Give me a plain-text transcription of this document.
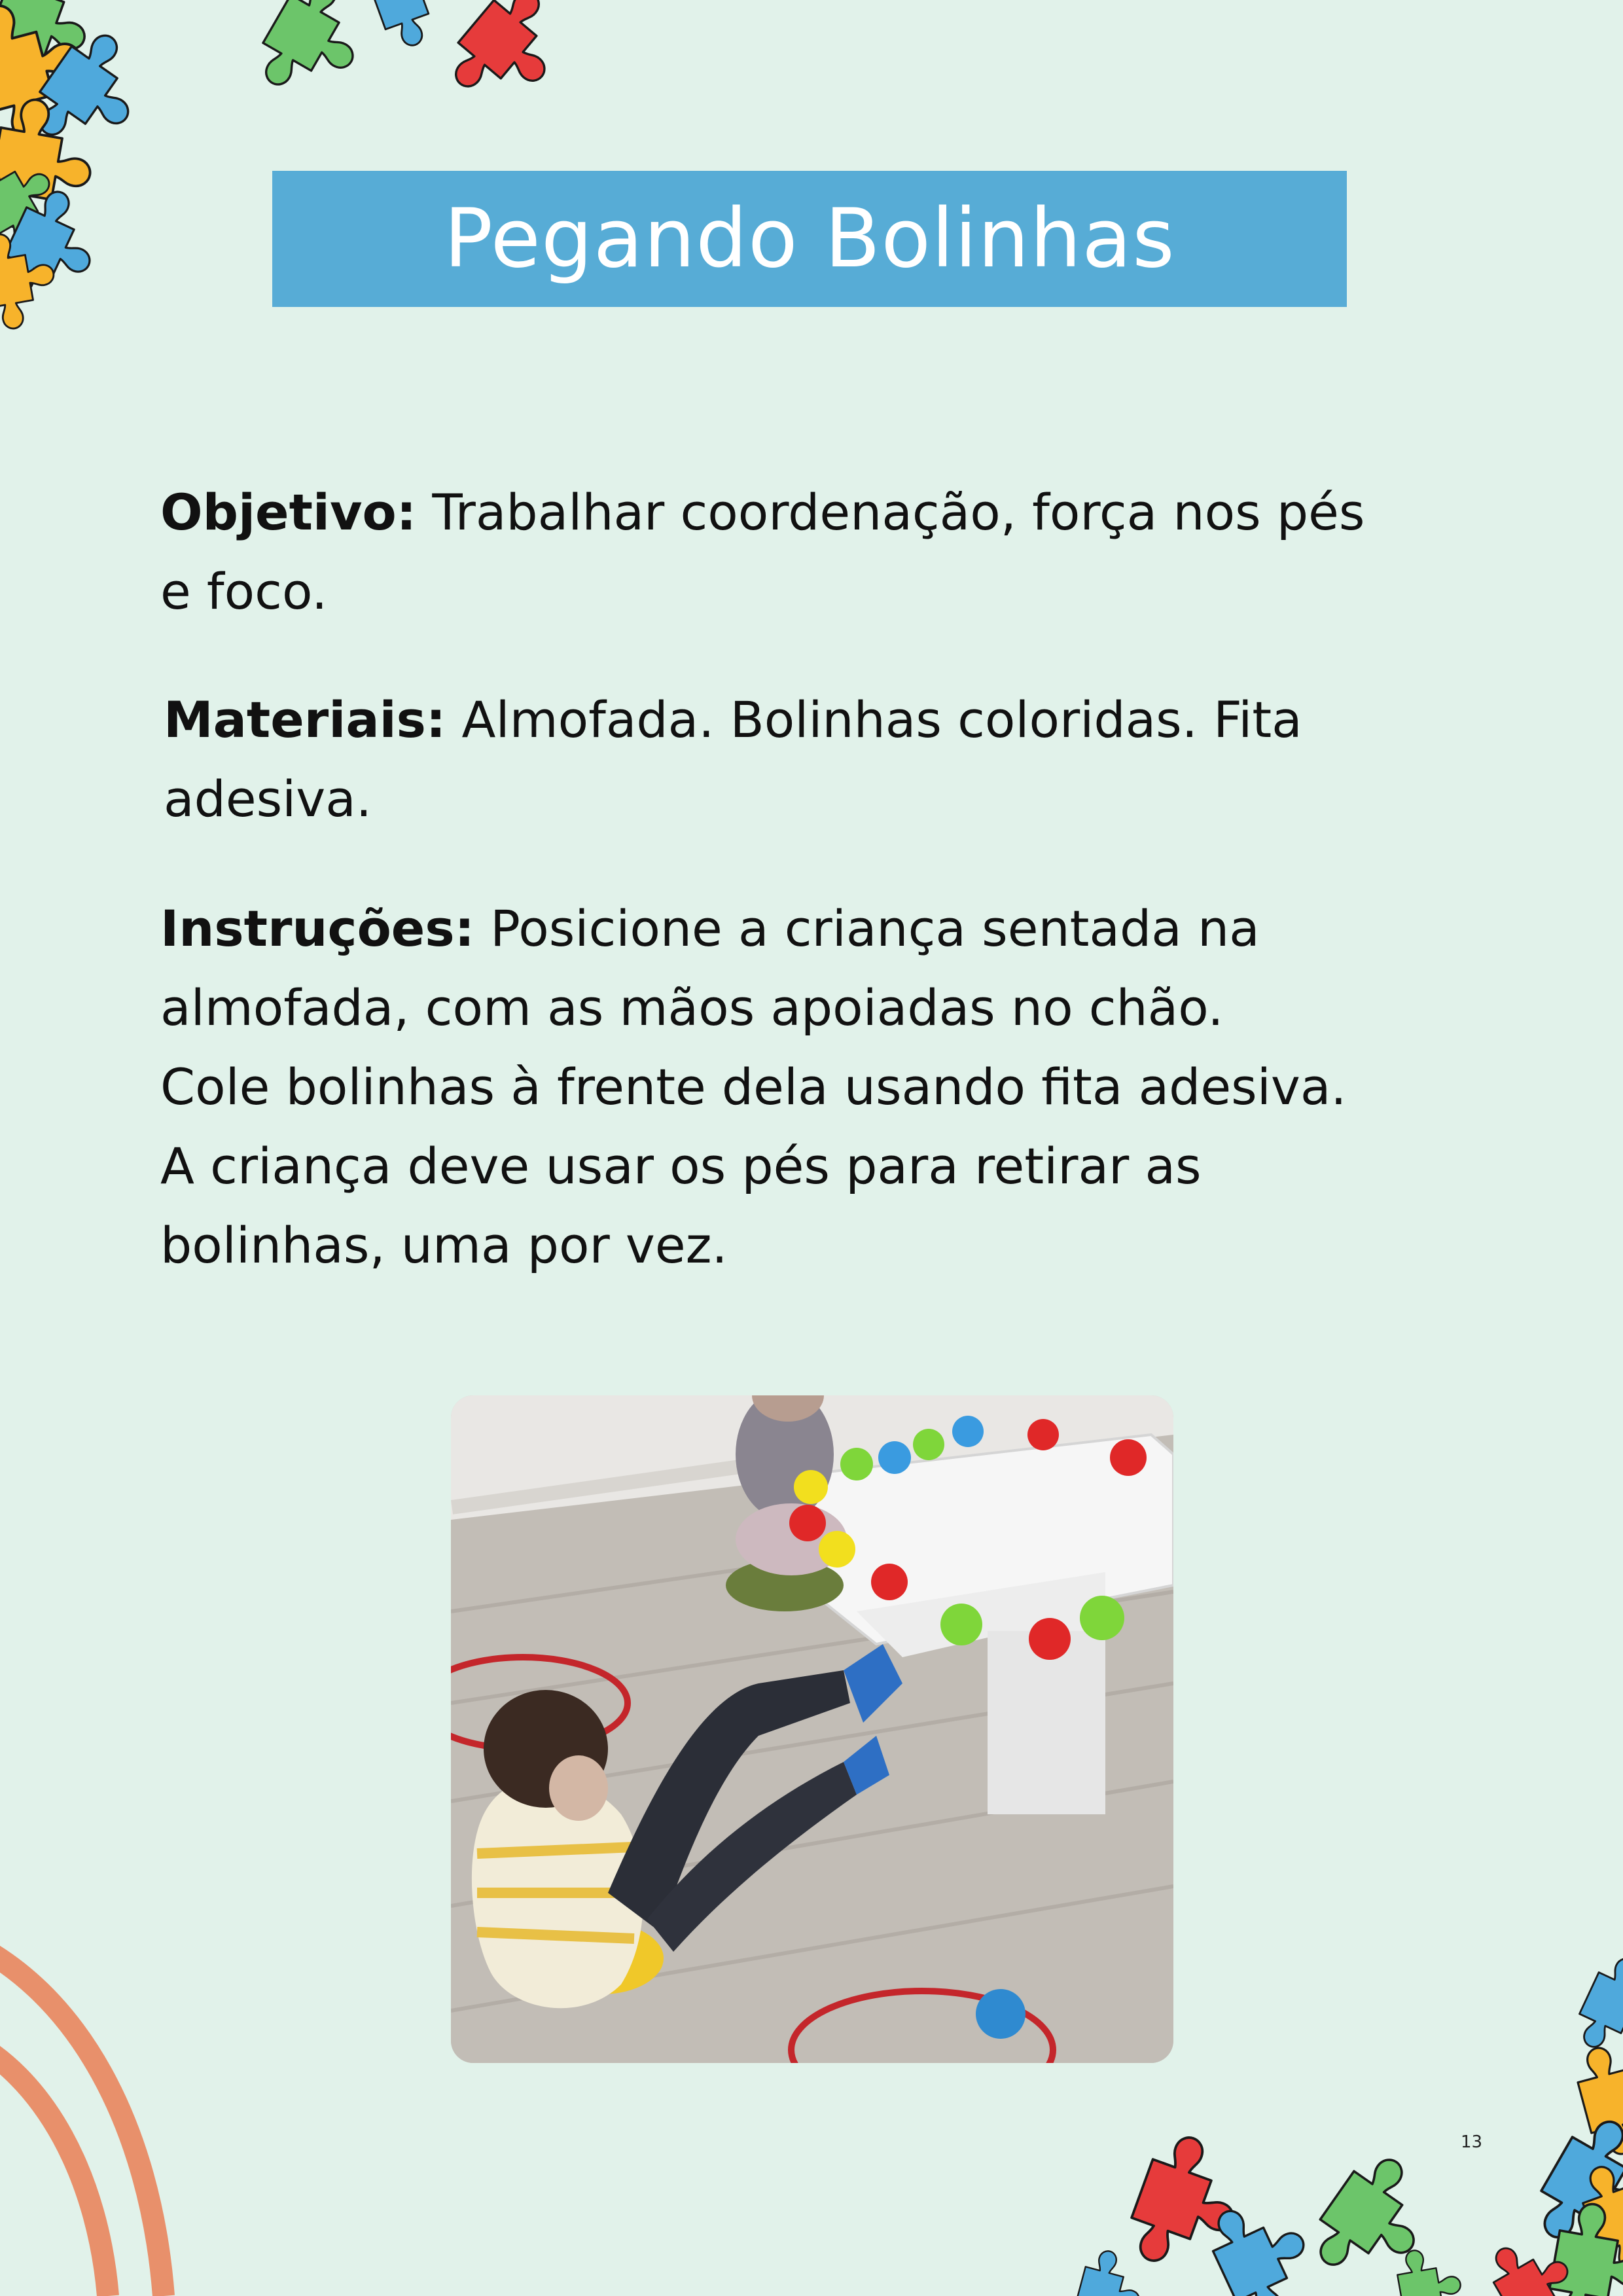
Pegando Bolinhas
Objetivo: Trabalhar coordenação, força nos pés
e foco.
Materiais: Almofada. Bolinhas coloridas. Fita
adesiva.
Instruções: Posicione a criança sentada na
almofada, com as mãos apoiadas no chão.
Cole bolinhas à frente dela usando fita adesiva.
A criança deve usar os pés para retirar as
bolinhas, uma por vez.
13
